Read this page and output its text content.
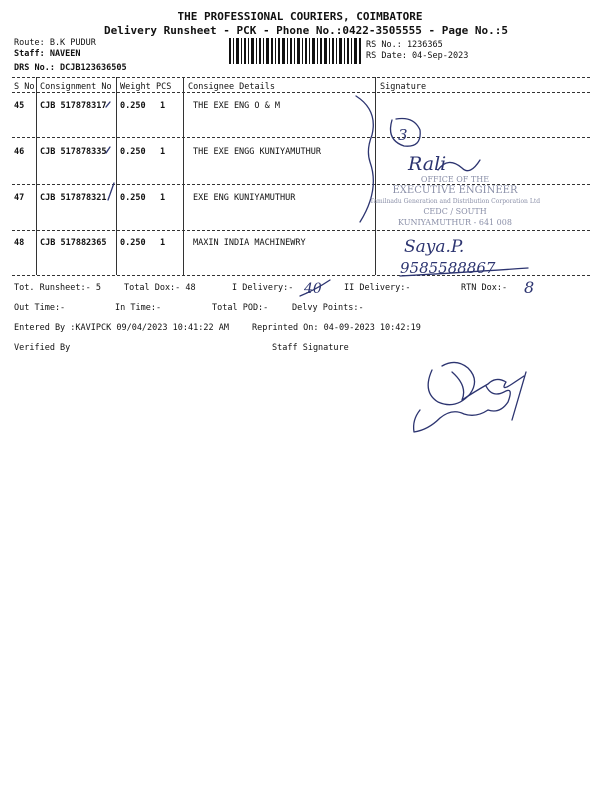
THE PROFESSIONAL COURIERS, COIMBATORE
Delivery Runsheet - PCK - Phone No.:0422-3505555 - Page No.:5
Route: B.K PUDUR
Staff: NAVEEN
DRS No.: DCJB123636505
RS No.: 1236365
RS Date: 04-Sep-2023
S No Consignment No Weight PCS Consignee Details	Signature
45 CJB 517878317 0.250 1	THE EXE ENG O & M
46 CJB 517878335 0.250 1	THE EXE ENGG KUNIYAMUTHUR
47 CJB 517878321 0.250 1	EXE ENG KUNIYAMUTHUR
48 CJB 517882365 0.250 1	MAXIN INDIA MACHINEWRY
Tot. Runsheet:- 5	Total Dox:- 48	I Delivery:-	II Delivery:-	RTN Dox:-
Out Time:-	In Time:-	Total POD:-	Delvy Points:-
Entered By :KAVIPCK 09/04/2023 10:41:22 AM	Reprinted On: 04-09-2023 10:42:19
Verified By	Staff Signature
3
Rali
OFFICE OF THE
EXECUTIVE ENGINEER
Tamilnadu Generation and Distribution Corporation Ltd
CEDC / SOUTH
KUNIYAMUTHUR - 641 008
Saya.P.
9585588867
40	8
